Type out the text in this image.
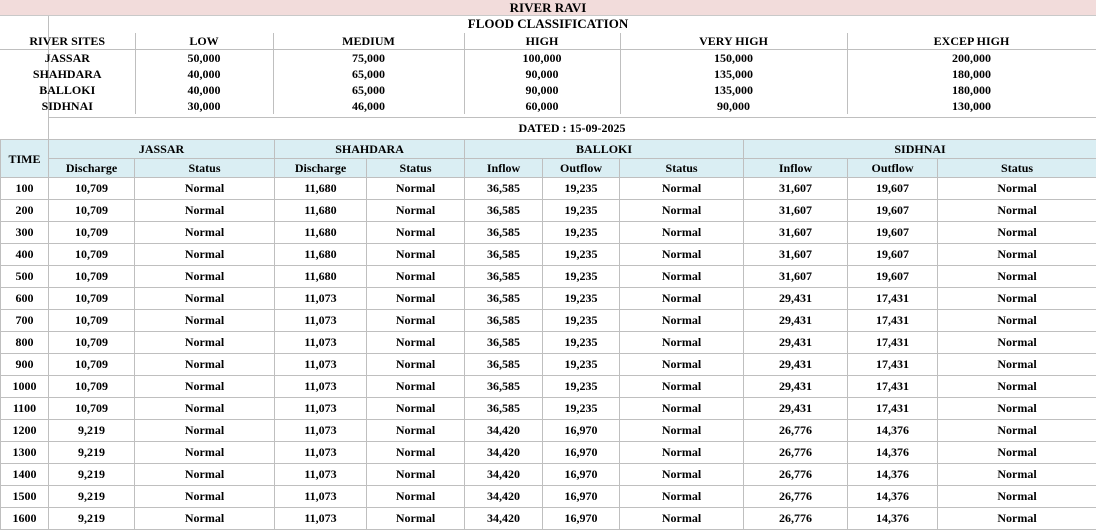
RIVER RAVI
FLOOD CLASSIFICATION
RIVER SITES	LOW	MEDIUM	HIGH	VERY HIGH	EXCEP HIGH
JASSAR	50,000	75,000	100,000	150,000	200,000
SHAHDARA	40,000	65,000	90,000	135,000	180,000
BALLOKI	40,000	65,000	90,000	135,000	180,000
SIDHNAI	30,000	46,000	60,000	90,000	130,000
DATED : 15-09-2025
TIME	JASSAR		SHAHDARA		BALLOKI			SIDHNAI		
	Discharge	Status	Discharge	Status	Inflow	Outflow	Status	Inflow	Outflow	Status
100	10,709	Normal	11,680	Normal	36,585	19,235	Normal	31,607	19,607	Normal
200	10,709	Normal	11,680	Normal	36,585	19,235	Normal	31,607	19,607	Normal
300	10,709	Normal	11,680	Normal	36,585	19,235	Normal	31,607	19,607	Normal
400	10,709	Normal	11,680	Normal	36,585	19,235	Normal	31,607	19,607	Normal
500	10,709	Normal	11,680	Normal	36,585	19,235	Normal	31,607	19,607	Normal
600	10,709	Normal	11,073	Normal	36,585	19,235	Normal	29,431	17,431	Normal
700	10,709	Normal	11,073	Normal	36,585	19,235	Normal	29,431	17,431	Normal
800	10,709	Normal	11,073	Normal	36,585	19,235	Normal	29,431	17,431	Normal
900	10,709	Normal	11,073	Normal	36,585	19,235	Normal	29,431	17,431	Normal
1000	10,709	Normal	11,073	Normal	36,585	19,235	Normal	29,431	17,431	Normal
1100	10,709	Normal	11,073	Normal	36,585	19,235	Normal	29,431	17,431	Normal
1200	9,219	Normal	11,073	Normal	34,420	16,970	Normal	26,776	14,376	Normal
1300	9,219	Normal	11,073	Normal	34,420	16,970	Normal	26,776	14,376	Normal
1400	9,219	Normal	11,073	Normal	34,420	16,970	Normal	26,776	14,376	Normal
1500	9,219	Normal	11,073	Normal	34,420	16,970	Normal	26,776	14,376	Normal
1600	9,219	Normal	11,073	Normal	34,420	16,970	Normal	26,776	14,376	Normal
